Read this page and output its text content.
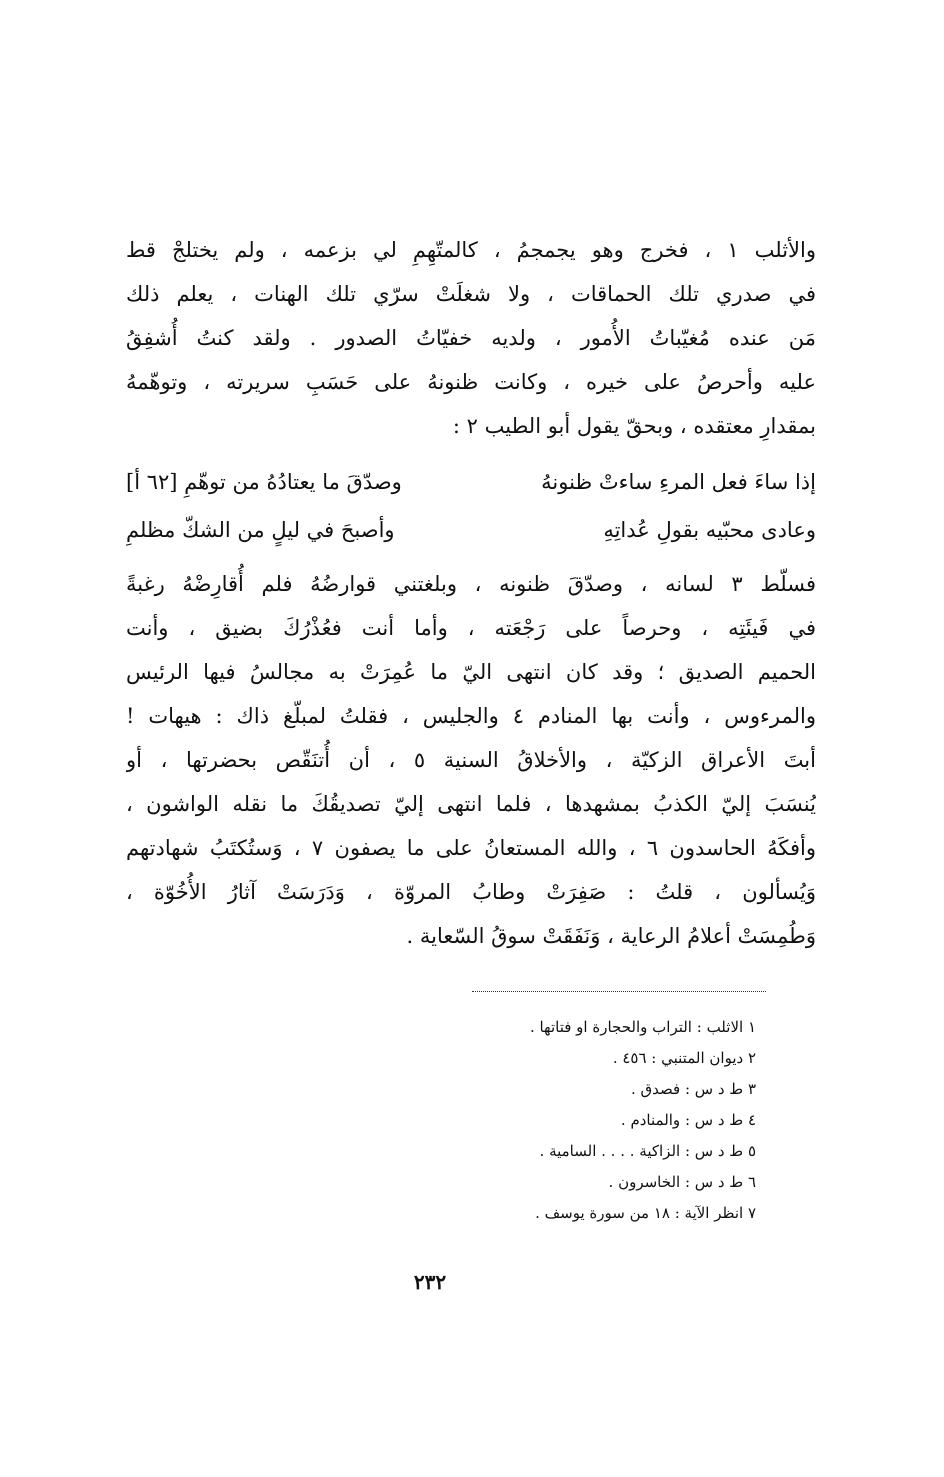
والأثلب ١ ، فخرج وهو يجمجمُ ، كالمتّهِمِ لي بزعمه ، ولم يختلجْ قط
في صدري تلك الحماقات ، ولا شغلَتْ سرّي تلك الهنات ، يعلم ذلك
مَن عنده مُغيّباتُ الأُمور ، ولديه خفيّاتُ الصدور . ولقد كنتُ أُشفِقُ
عليه وأحرصُ على خيره ، وكانت ظنونهُ على حَسَبِ سريرته ، وتوهّمهُ
بمقدارِ معتقده ، وبحقّ يقول أبو الطيب ٢ :
إذا ساءَ فعل المرءِ ساءتْ ظنونهُ
وصدّقَ ما يعتادُهُ من توهّمِ [٦٢ أ]
وعادى محبّيه بقولِ عُداتِهِ
وأصبحَ في ليلٍ من الشكّ مظلمِ
فسلّط ٣ لسانه ، وصدّقَ ظنونه ، وبلغتني قوارضُهُ فلم أُقارِضْهُ رغبةً
في فَيئَتِه ، وحرصاً على رَجْعَته ، وأما أنت فعُذْرُكَ بضيق ، وأنت
الحميم الصديق ؛ وقد كان انتهى اليّ ما عُمِرَتْ به مجالسُ فيها الرئيس
والمرءوس ، وأنت بها المنادم ٤ والجليس ، فقلتُ لمبلّغ ذاك : هيهات !
أبتَ الأعراق الزكيّة ، والأخلاقُ السنية ٥ ، أن أُتنَقّص بحضرتها ، أو
يُنسَبَ إليّ الكذبُ بمشهدها ، فلما انتهى إليّ تصديقُكَ ما نقله الواشون ،
وأفكَهُ الحاسدون ٦ ، والله المستعانُ على ما يصفون ٧ ، وَستُكتَبُ شهادتهم
وَيُسألون ، قلتُ : صَفِرَتْ وطابُ المروّة ، وَدَرَسَتْ آثارُ الأُخُوّة ،
وَطُمِسَتْ أعلامُ الرعاية ، وَنَفَقَتْ سوقُ السّعاية .
١ الاثلب : التراب والحجارة او فتاتها .
٢ ديوان المتنبي : ٤٥٦ .
٣ ط د س : فصدق .
٤ ط د س : والمنادم .
٥ ط د س : الزاكية . . . . السامية .
٦ ط د س : الخاسرون .
٧ انظر الآية : ١٨ من سورة يوسف .
٢٣٢
